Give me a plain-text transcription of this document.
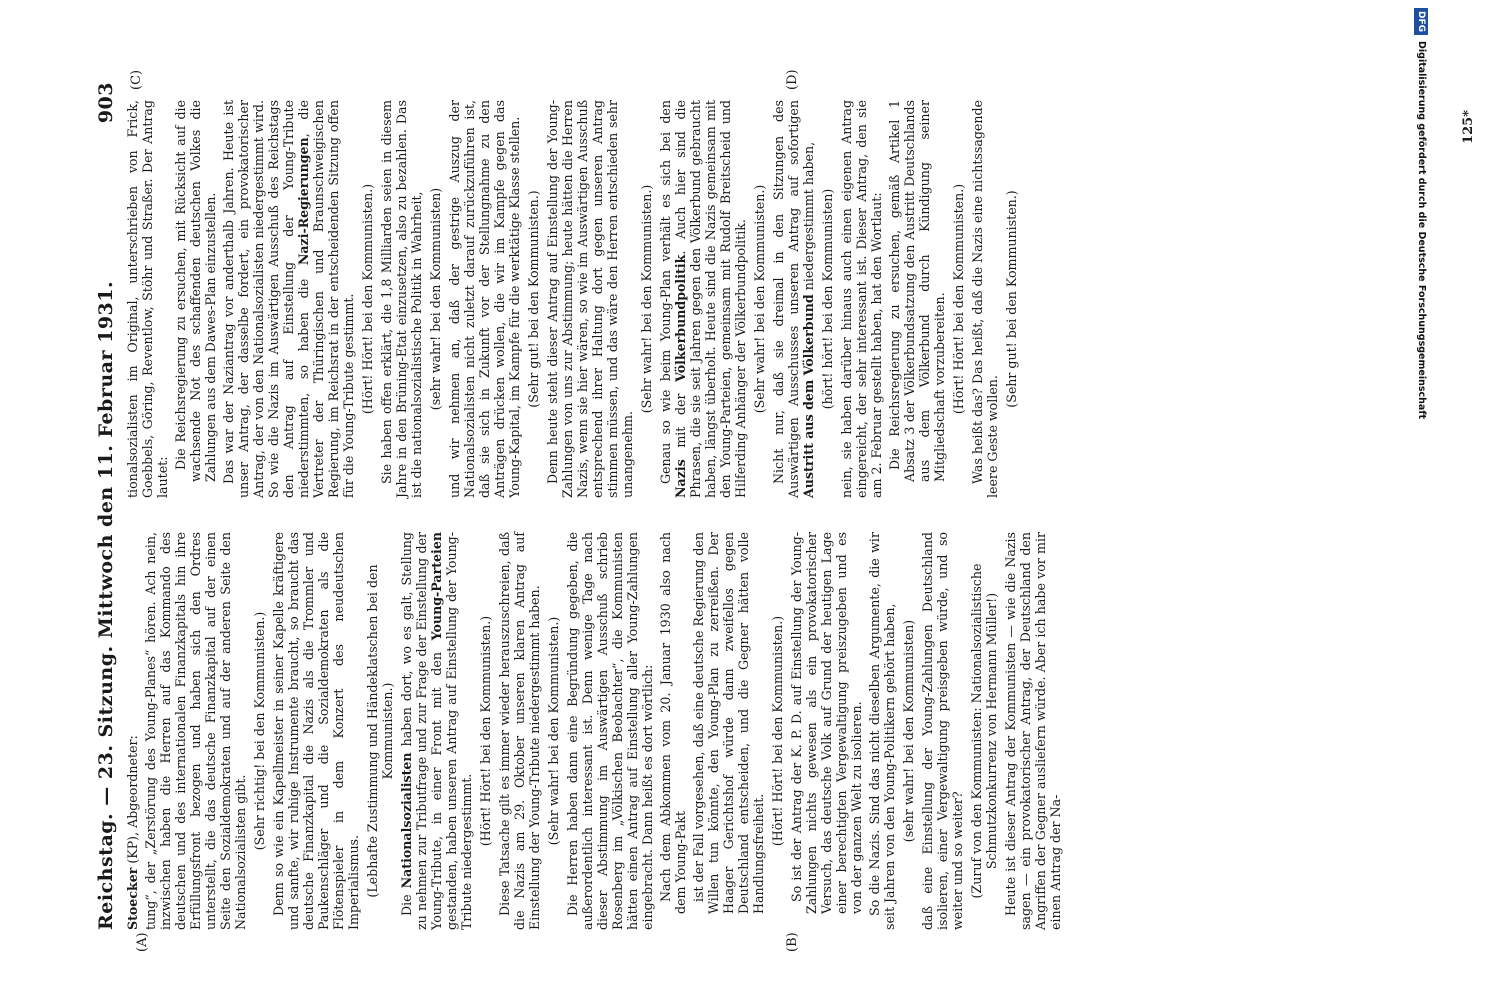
Reichstag. — 23. Sitzung. Mittwoch den 11. Februar 1931.
903
(A)	(B)
(C)	(D)

Stoecker (KP), Abgeordneter: tung“, der „Zerstörung des Young-Planes“ hören. Ach nein, inzwischen haben die Herren auf das Kommando des deutschen und des internationalen Finanzkapitals hin ihre Erfüllungsfront bezogen und haben sich den Ordres unterstellt, die das deutsche Finanzkapital auf der einen Seite den Sozialdemokraten und auf der anderen Seite den Nationalsozialisten gibt.

(Sehr richtig! bei den Kommunisten.) Denn so wie ein Kapellmeister in seiner Kapelle kräftigere und sanfte, wir ruhige Instrumente braucht, so braucht das deutsche Finanzkapital die Nazis als die Trommler und Paukenschläger und die Sozialdemokraten als die Flötenspieler in dem Konzert des neudeutschen Imperialismus. (Lebhafte Zustimmung und Händeklatschen bei den Kommunisten.)

Die Nationalsozialisten haben dort, wo es galt, Stellung zu nehmen zur Tributfrage und zur Frage der Einstellung der Young-Tribute, in einer Front mit den Young-Parteien gestanden, haben unseren Antrag auf Einstellung der Young-Tribute niedergestimmt.

(Hört! Hört! bei den Kommunisten.) Diese Tatsache gilt es immer wieder herauszuschreien, daß die Nazis am 29. Oktober unseren klaren Antrag auf Einstellung der Young-Tribute niedergestimmt haben. (Sehr wahr! bei den Kommunisten.) Die Herren haben dann eine Begründung gegeben, die außerordentlich interessant ist. Denn wenige Tage nach dieser Abstimmung im Auswärtigen Ausschuß schrieb Rosenberg im „Völkischen Beobachter“, die Kommunisten hätten einen Antrag auf Einstellung aller Young-Zahlungen eingebracht. Dann heißt es dort wörtlich: Nach dem Abkommen vom 20. Januar 1930 also nach dem Young-Pakt ist der Fall vorgesehen, daß eine deutsche Regierung den Willen tun könnte, den Young-Plan zu zerreißen. Der Haager Gerichtshof würde dann zweifellos gegen Deutschland entscheiden, und die Gegner hätten volle Handlungsfreiheit.

(Hört! Hört! bei den Kommunisten.) So ist der Antrag der K. P. D. auf Einstellung der Young-Zahlungen nichts gewesen als ein provokatorischer Versuch, das deutsche Volk auf Grund der heutigen Lage einer berechtigten Vergewaltigung preiszugeben und es von der ganzen Welt zu isolieren. So die Nazis. Sind das nicht dieselben Argumente, die wir seit Jahren von den Young-Politikern gehört haben, (sehr wahr! bei den Kommunisten) daß eine Einstellung der Young-Zahlungen Deutschland isolieren, einer Vergewaltigung preisgeben würde, und so weiter und so weiter? (Zuruf von den Kommunisten: Nationalsozialistische Schmutzkonkurrenz von Hermann Müller!) Heute ist dieser Antrag der Kommunisten — wie die Nazis sagen — ein provokatorischer Antrag, der Deutschland den Angriffen der Gegner ausliefern würde. Aber ich habe vor mir einen Antrag der Na-

tionalsozialisten im Original, unterschrieben von Frick, Goebbels, Göring, Reventlow, Stöhr und Straßer. Der Antrag lautet:

Die Reichsregierung zu ersuchen, mit Rücksicht auf die wachsende Not des schaffenden deutschen Volkes die Zahlungen aus dem Dawes-Plan einzustellen. Das war der Naziantrag vor anderthalb Jahren. Heute ist unser Antrag, der dasselbe fordert, ein provokatorischer Antrag, der von den Nationalsozialisten niedergestimmt wird. So wie die Nazis im Auswärtigen Ausschuß des Reichstags den Antrag auf Einstellung der Young-Tribute niederstimmten, so haben die Nazi-Regierungen, die Vertreter der Thüringischen und Braunschweigischen Regierung, im Reichsrat in der entscheidenden Sitzung offen für die Young-Tribute gestimmt. (Hört! Hört! bei den Kommunisten.) Sie haben offen erklärt, die 1,8 Milliarden seien in diesem Jahre in den Brüning-Etat einzusetzen, also zu bezahlen. Das ist die nationalsozialistische Politik in Wahrheit, (sehr wahr! bei den Kommunisten) und wir nehmen an, daß der gestrige Auszug der Nationalsozialisten nicht zuletzt darauf zurückzuführen ist, daß sie sich in Zukunft vor der Stellungnahme zu den Anträgen drücken wollen, die wir im Kampfe gegen das Young-Kapital, im Kampfe für die werktätige Klasse stellen. (Sehr gut! bei den Kommunisten.) Denn heute steht dieser Antrag auf Einstellung der Young-Zahlungen von uns zur Abstimmung; heute hätten die Herren Nazis, wenn sie hier wären, so wie im Auswärtigen Ausschuß entsprechend ihrer Haltung dort gegen unseren Antrag stimmen müssen, und das wäre den Herren entschieden sehr unangenehm.

(Sehr wahr! bei den Kommunisten.) Genau so wie beim Young-Plan verhält es sich bei den Nazis mit der Völkerbundpolitik. Auch hier sind die Phrasen, die sie seit Jahren gegen den Völkerbund gebraucht haben, längst überholt. Heute sind die Nazis gemeinsam mit den Young-Parteien, gemeinsam mit Rudolf Breitscheid und Hilferding Anhänger der Völkerbundpolitik. (Sehr wahr! bei den Kommunisten.) Nicht nur, daß sie dreimal in den Sitzungen des Auswärtigen Ausschusses unseren Antrag auf sofortigen Austritt aus dem Völkerbund niedergestimmt haben, (hört! hört! bei den Kommunisten) nein, sie haben darüber hinaus auch einen eigenen Antrag eingereicht, der sehr interessant ist. Dieser Antrag, den sie am 2. Februar gestellt haben, hat den Wortlaut: Die Reichsregierung zu ersuchen, gemäß Artikel 1 Absatz 3 der Völkerbundsatzung den Austritt Deutschlands aus dem Völkerbund durch Kündigung seiner Mitgliedschaft vorzubereiten. (Hört! Hört! bei den Kommunisten.) Was heißt das? Das heißt, daß die Nazis eine nichtssagende leere Geste wollen.

(Sehr gut! bei den Kommunisten.)

125*
DFGDigitalisierung gefördert durch die Deutsche Forschungsgemeinschaft
